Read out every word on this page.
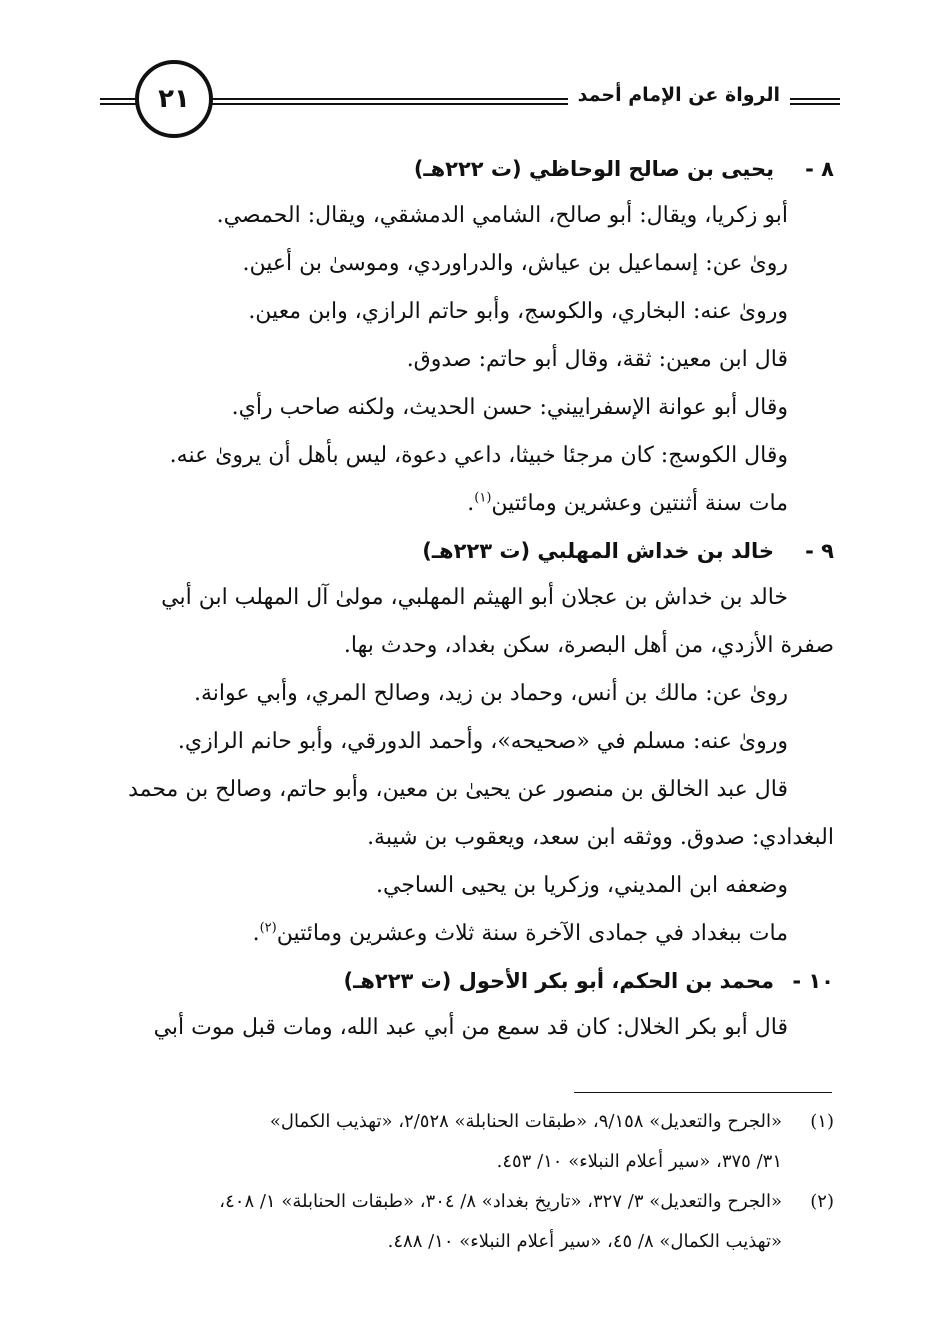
٢١	الرواة عن الإمام أحمد
٨ -يحيى بن صالح الوحاظي (ت ٢٢٢هـ)
أبو زكريا، ويقال: أبو صالح، الشامي الدمشقي، ويقال: الحمصي.
روىٰ عن: إسماعيل بن عياش، والدراوردي، وموسىٰ بن أعين.
ورویٰ عنه: البخاري، والكوسج، وأبو حاتم الرازي، وابن معين.
قال ابن معين: ثقة، وقال أبو حاتم: صدوق.
وقال أبو عوانة الإسفراييني: حسن الحديث، ولكنه صاحب رأي.
وقال الكوسج: كان مرجئا خبيثا، داعي دعوة، ليس بأهل أن يروىٰ عنه.
مات سنة أثنتين وعشرين ومائتين$^{(١)}$.
٩ -خالد بن خداش المهلبي (ت ٢٢٣هـ)
خالد بن خداش بن عجلان أبو الهيثم المهلبي، مولىٰ آل المهلب ابن أبي
صفرة الأزدي، من أهل البصرة، سكن بغداد، وحدث بها.
روىٰ عن: مالك بن أنس، وحماد بن زيد، وصالح المري، وأبي عوانة.
ورویٰ عنه: مسلم في «صحيحه»، وأحمد الدورقي، وأبو حانم الرازي.
قال عبد الخالق بن منصور عن يحيىٰ بن معين، وأبو حاتم، وصالح بن محمد
البغدادي: صدوق. ووثقه ابن سعد، ويعقوب بن شيبة.
وضعفه ابن المديني، وزكريا بن يحيى الساجي.
مات ببغداد في جمادى الآخرة سنة ثلاث وعشرين ومائتين$^{(٢)}$.
١٠ -محمد بن الحكم، أبو بكر الأحول (ت ٢٢٣هـ)
قال أبو بكر الخلال: كان قد سمع من أبي عبد الله، ومات قبل موت أبي
(١)
«الجرح والتعديل» ٩/١٥٨، «طبقات الحنابلة» ٢/٥٢٨، «تهذيب الكمال»
٣١/ ٣٧٥، «سير أعلام النبلاء» ١٠/ ٤٥٣.
(٢)
«الجرح والتعديل» ٣/ ٣٢٧، «تاريخ بغداد» ٨/ ٣٠٤، «طبقات الحنابلة» ١/ ٤٠٨،
«تهذيب الكمال» ٨/ ٤٥، «سير أعلام النبلاء» ١٠/ ٤٨٨.
